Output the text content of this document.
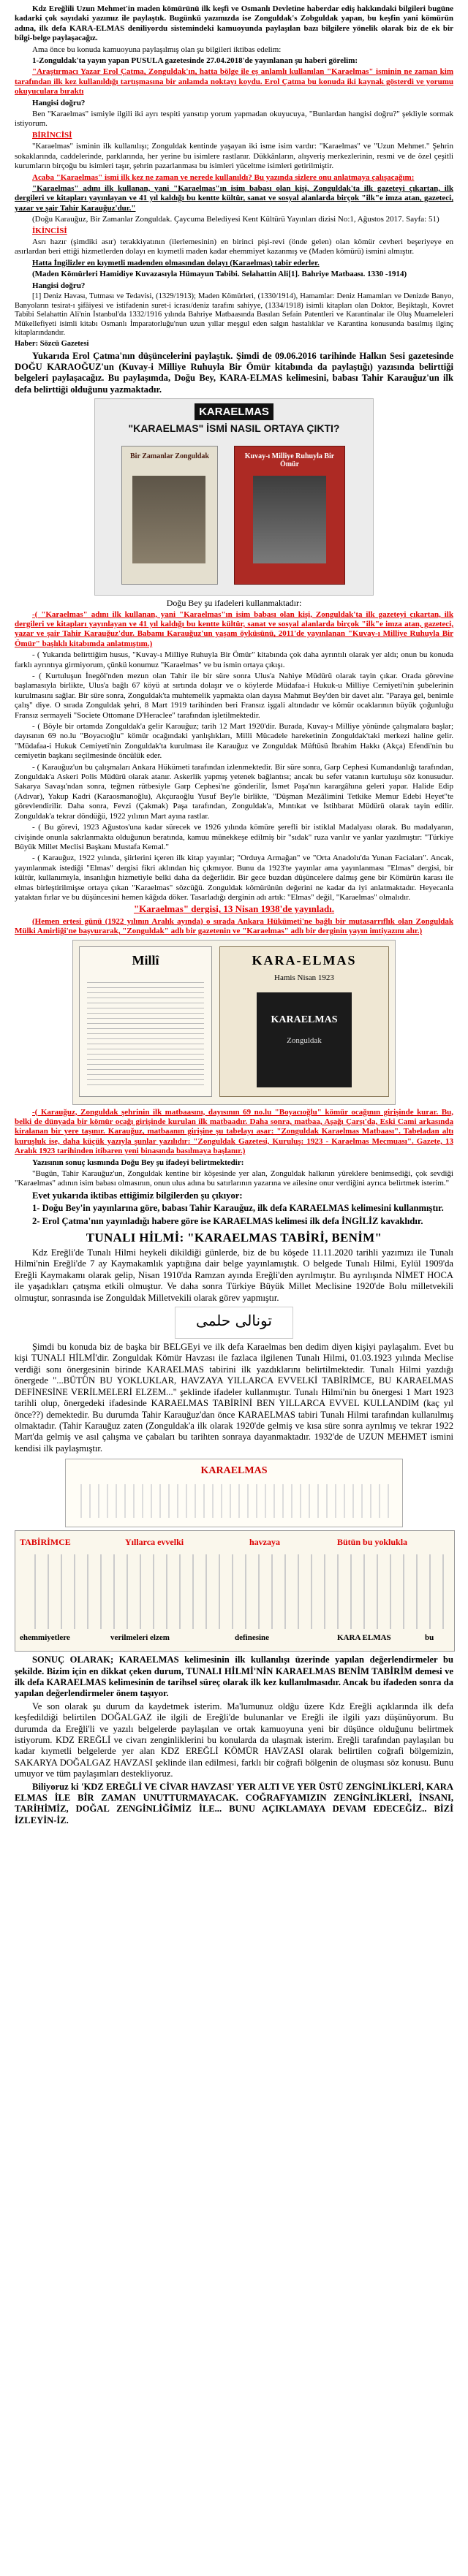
Kdz Ereğlili Uzun Mehmet'in maden kömürünü ilk keşfi ve Osmanlı Devletine haberdar ediş hakkındaki bilgileri bugüne kadarki çok sayıdaki yazımız ile paylaştık. Bugünkü yazımızda ise Zonguldak's Zobguldak yapan, bu keşfin yani kömürün adına, ilk defa KARA-ELMAS deniliyordu sistemindeki kamuoyunda paylaşılan bazı bilgilere yönelik olarak biz de ek bir bilgi-belge paylaşacağız.

Ama önce bu konuda kamuoyuna paylaşılmış olan şu bilgileri iktibas edelim:

1-Zonguldak'ta yayın yapan PUSULA gazetesinde 27.04.2018'de yayınlanan şu haberi görelim:

"Araştırmacı Yazar Erol Çatma, Zonguldak'ın, hatta bölge ile eş anlamlı kullanılan "Karaelmas" isminin ne zaman kim tarafından ilk kez kullanıldığı tartışmasına bir anlamda noktayı koydu. Erol Çatma bu konuda iki kaynak gösterdi ve yorumu okuyuculara bıraktı

Hangisi doğru?

Ben "Karaelmas" ismiyle ilgili iki ayrı tespiti yansıtıp yorum yapmadan okuyucuya, "Bunlardan hangisi doğru?" şekliyle sormak istiyorum.

BİRİNCİSİ

"Karaelmas" isminin ilk kullanılışı; Zonguldak kentinde yaşayan iki isme isim vardır: "Karaelmas" ve "Uzun Mehmet." Şehrin sokaklarında, caddelerinde, parklarında, her yerine bu isimlere rastlanır. Dükkânların, alışveriş merkezlerinin, resmi ve de özel çeşitli kurumların birçoğu bu isimleri taşır, şehrin pazarlanması bu isimleri yüceltme isimleri getirilmiştir.

Acaba "Karaelmas" ismi ilk kez ne zaman ve nerede kullanıldı? Bu yazında sizlere onu anlatmaya çalışacağım:

"Karaelmas" adını ilk kullanan, yani "Karaelmas"ın isim babası olan kişi, Zonguldak'ta ilk gazeteyi çıkartan, ilk dergileri ve kitapları yayınlayan ve 41 yıl kaldığı bu kentte kültür, sanat ve sosyal alanlarda birçok "ilk"e imza atan, gazeteci, yazar ve şair Tahir Karauğuz'dur."

(Doğu Karauğuz, Bir Zamanlar Zonguldak. Çaycuma Belediyesi Kent Kültürü Yayınları dizisi No:1, Ağustos 2017. Sayfa: 51)

İKİNCİSİ

Asrı hazır (şimdiki asır) terakkiyatının (ilerlemesinin) en birinci pişi-revi (önde gelen) olan kömür cevheri beşeriyeye en asırlardan beri ettiği hizmetlerden dolayı en kıymetli maden kadar ehemmiyet kazanmış ve (Maden kömürü) ismini almıştır.

Hatta İngilizler en kıymetli madenden olmasından dolayı (Karaelmas) tabir ederler.

(Maden Kömürleri Hamidiye Kuvazasıyla Hümayun Tabibi. Selahattin Ali[1]. Bahriye Matbaası. 1330 -1914)

Hangisi doğru?

[1] Deniz Havası, Tutması ve Tedavisi, (1329/1913); Maden Kömürleri, (1330/1914), Hamamlar: Deniz Hamamları ve Denizde Banyo, Banyoların tesirat-ı şifâiyesi ve istifadenin suret-i icrası/deniz tarafını sahiyye, (1334/1918) isimli kitapları olan Doktor, Beşiktaşlı, Kovret Tabibi Selahattin Ali'nin İstanbul'da 1332/1916 yılında Bahriye Matbaasında Basılan Sefain Patentleri ve Karantinalar ile Oluş Muameleleri Mükellefiyeti isimli kitabı Osmanlı İmparatorluğu'nun uzun yıllar meşgul eden salgın hastalıklar ve Karantina konusunda basılmış ilginç kitaplarındandır.

Haber: Sözcü Gazetesi

Yukarıda Erol Çatma'nın düşüncelerini paylaştık. Şimdi de 09.06.2016 tarihinde Halkın Sesi gazetesinde DOĞU KARAOĞUZ'un (Kuvay-i Milliye Ruhuyla Bir Ömür kitabında da paylaştığı) yazısında belirttiği belgeleri paylaşacağız. Bu paylaşımda, Doğu Bey, KARA-ELMAS kelimesini, babası Tahir Karauğuz'un ilk defa belirttiği olduğunu yazmaktadır.

KARAELMAS
"KARAELMAS" İSMİ NASIL ORTAYA ÇIKTI?
Bir Zamanlar Zonguldak	Kuvay-ı Milliye Ruhuyla Bir Ömür

Doğu Bey şu ifadeleri kullanmaktadır:

-( "Karaelmas" adını ilk kullanan, yani "Karaelmas"ın isim babası olan kişi, Zonguldak'ta ilk gazeteyi çıkartan, ilk dergileri ve kitapları yayınlayan ve 41 yıl kaldığı bu kentte kültür, sanat ve sosyal alanlarda birçok "ilk"e imza atan, gazeteci, yazar ve şair Tahir Karauğuz'dur. Babamı Karauğuz'un yaşam öyküsünü, 2011'de yayınlanan "Kuvay-ı Milliye Ruhuyla Bir Ömür" başlıklı kitabımda anlatmıştım.)

- ( Yukarıda belirttiğim husus, "Kuvay-ı Milliye Ruhuyla Bir Ömür" kitabında çok daha ayrıntılı olarak yer aldı; onun bu konuda farklı ayrıntıya girmiyorum, çünkü konumuz "Karaelmas" ve bu ismin ortaya çıkışı.

- ( Kurtuluşun İnegöl'nden mezun olan Tahir ile bir süre sonra Ulus'a Nahiye Müdürü olarak tayin çıkar. Orada görevine başlamasıyla birlikte, Ulus'a bağlı 67 köyü at sırtında dolaşır ve o köylerde Müdafaa-i Hukuk-u Milliye Cemiyeti'nin şubelerinin kurulmasını sağlar. Bir süre sonra, Zonguldak'ta muhtemelik yapmakta olan dayısı Mahmut Bey'den bir davet alır. "Paraya gel, benimle çalış" diye. O sırada Zonguldak şehri, 8 Mart 1919 tarihinden beri Fransız işgali altındadır ve kömür ocaklarının büyük çoğunluğu Fransız sermayeli "Societe Ottomane D'Heraclee" tarafından işletilmektedir.

- ( Böyle bir ortamda Zonguldak'a gelir Karauğuz; tarih 12 Mart 1920'dir. Burada, Kuvay-ı Milliye yönünde çalışmalara başlar; dayısının 69 no.lu "Boyacıoğlu" kömür ocağındaki yanlışlıkları, Milli Mücadele hareketinin Zonguldak'taki merkezi haline gelir. "Müdafaa-i Hukuk Cemiyeti'nin Zonguldak'ta kurulması ile Karauğuz ve Zonguldak Müftüsü İbrahim Hakkı (Akça) Efendi'nin bu cemiyetin başkanı seçilmesinde öncülük eder.

- ( Karauğuz'un bu çalışmaları Ankara Hükümeti tarafından izlenmektedir. Bir süre sonra, Garp Cephesi Kumandanlığı tarafından, Zonguldak'a Askeri Polis Müdürü olarak atanır. Askerlik yapmış yetenek bağlantısı; ancak bu sefer vatanın kurtuluşu söz konusudur. Sakarya Savaşı'ndan sonra, teğmen rütbesiyle Garp Cephesi'ne gönderilir, İsmet Paşa'nın karargâhına geleri yapar. Halide Edip (Adıvar), Yakup Kadri (Karaosmanoğlu), Akçuraoğlu Yusuf Bey'le birlikte, "Düşman Mezâlimini Tetkike Memur Edebi Heyet"te görevlendirilir. Daha sonra, Fevzi (Çakmak) Paşa tarafından, Zonguldak'a, Mıntıkat ve İstihbarat Müdürü olarak tayin edilir. Zonguldak'a tekrar döndüğü, 1922 yılının Mart ayına rastlar.

- ( Bu görevi, 1923 Ağustos'una kadar sürecek ve 1926 yılında kömüre şerefli bir istiklal Madalyası olarak. Bu madalyanın, civişinde onunla sakrlanmakta olduğunun beratında, kamuu münekkeşe edilmiş bir "sıdak" ruza varılır ve yanlar yazılmıştır: "Türkiye Büyük Millet Meclisi Başkanı Mustafa Kemal."

- ( Karauğuz, 1922 yılında, şiirlerini içeren ilk kitap yayınlar; "Orduya Armağan" ve "Orta Anadolu'da Yunan Faciaları". Ancak, yayınlanmak istediği "Elmas" dergisi fikri aklından hiç çıkmıyor. Bunu da 1923'te yayınlar ama yayınlanması "Elmas" dergisi, bir kültür, kullanımıyla, insanlığın hizmetiyle belki daha da değerlidir. Bir gece buzdan düşüncelere dalmış gene bir Kömürün karası ile elmas birleştirilmişse ortaya çıkan "Karaelmas" sözcüğü. Zonguldak kömürünün değerini ne kadar da iyi anlatmaktadır. Heyecanla yataktan fırlar ve bu düşüncesini hemen kâğıda döker. Tasarladığı derginin adı artık: "Elmas" değil, "Karaelmas" olmalıdır.

"Karaelmas" dergisi, 13 Nisan 1938'de yayınladı.

(Hemen ertesi günü (1922 yılının Aralık ayında) o sırada Ankara Hükümeti'ne bağlı bir mutasarrıflık olan Zonguldak Mülki Amirliği'ne başvurarak, "Zonguldak" adlı bir gazetenin ve "Karaelmas" adlı bir derginin yayın imtiyazını alır.)

Millî	KARA-ELMAS
Hamis Nisan 1923
KARAELMAS
Zonguldak

-( Karauğuz, Zonguldak şehrinin ilk matbaasını, dayısının 69 no.lu "Boyacıoğlu" kömür ocağının girişinde kurar. Bu, belki de dünyada bir kömür ocağı girişinde kurulan ilk matbaadır. Daha sonra, matbaa, Aşağı Çarşı'da, Eski Cami arkasında kiralanan bir yere taşınır. Karauğuz, matbaanın girişine şu tabelayı asar: "Zonguldak Karaelmas Matbaası". Tabeladan altı kuruşluk ise, daha küçük yazıyla şunlar yazılıdır: "Zonguldak Gazetesi, Kuruluş: 1923 - Karaelmas Mecmuası". Gazete, 13 Aralık 1923 tarihinden itibaren yeni binasında basılmaya başlanır.)

Yazısının sonuç kısmında Doğu Bey şu ifadeyi belirtmektedir:

"Bugün, Tahir Karauğuz'un, Zonguldak kentine bir köşesinde yer alan, Zonguldak halkının yüreklere benimsediği, çok sevdiği "Karaelmas" adının isim babası olmasının, onun ulus adına bu satırlarının yazarına ve ailesine onur verdiğini ayrıca belirtmek isterim."

Evet yukarıda iktibas ettiğimiz bilgilerden şu çıkıyor:

1- Doğu Bey'in yayınlarına göre, babası Tahir Karauğuz, ilk defa KARAELMAS kelimesini kullanmıştır.

2- Erol Çatma'nın yayınladığı habere göre ise KARAELMAS kelimesi ilk defa İNGİLİZ kavaklıdır.

TUNALI HİLMİ: "KARAELMAS TABİRİ, BENİM"

Kdz Ereğli'de Tunalı Hilmi heykeli dikildiği günlerde, biz de bu köşede 11.11.2020 tarihli yazımızı ile Tunalı Hilmi'nin Ereğli'de 7 ay Kaymakamlık yaptığına dair belge yayınlamıştık. O belgede Tunalı Hilmi, Eylül 1909'da Ereğli Kaymakamı olarak gelip, Nisan 1910'da Ramzan ayında Ereğli'den ayrılmıştır. Bu ayrılışında NİMET HOCA ile yaşadıkları çatışma etkili olmuştur. Ve daha sonra Türkiye Büyük Millet Meclisine 1920'de Bolu milletvekili olmuştur, sonrasında ise Zonguldak Milletvekili olarak görev yapmıştır.

تونالی حلمی

Şimdi bu konuda biz de başka bir BELGEyi ve ilk defa Karaelmas ben dedim diyen kişiyi paylaşalım. Evet bu kişi TUNALI HİLMİ'dir. Zonguldak Kömür Havzası ile fazlaca ilgilenen Tunalı Hilmi, 01.03.1923 yılında Meclise verdiği sonı önergesinin birinde KARAELMAS tabirini ilk yazdıklarını belirtilmektedir. Tunalı Hilmi yazdığı önergede "...BÜTÜN BU YOKLUKLAR, HAVZAYA YILLARCA EVVELKİ TABİRİMCE, BU KARAELMAS DEFİNESİNE VERİLMELERİ ELZEM..." şeklinde ifadeler kullanmıştır. Tunalı Hilmi'nin bu önergesi 1 Mart 1923 tarihli olup, önergedeki ifadesinde KARAELMAS TABİRİNİ BEN YILLARCA EVVEL KULLANDIM (kaç yıl önce??) demektedir. Bu durumda Tahir Karauğuz'dan önce KARAELMAS tabiri Tunalı Hilmi tarafından kullanılmış olmaktadır. (Tahir Karauğuz zaten (Zonguldak'a ilk olarak 1920'de gelmiş ve kısa süre sonra ayrılmış ve tekrar 1922 Mart'da gelmiş ve asıl çalışma ve çabaları bu tarihten sonraya dayanmaktadır. 1932'de de UZUN MEHMET ismini kendisi ilk paylaşmıştır.

KARAELMAS
TABİRİMCE	Yıllarca evvelki	havzaya	Bütün bu yoklukla
ehemmiyetlere	verilmeleri elzem	definesine	KARA ELMAS	bu

SONUÇ OLARAK; KARAELMAS kelimesinin ilk kullanılışı üzerinde yapılan değerlendirmeler bu şekilde. Bizim için en dikkat çeken durum, TUNALI HİLMİ'NİN KARAELMAS BENİM TABİRİM demesi ve ilk defa KARAELMAS kelimesinin de tarihsel süreç olarak ilk kez kullanılmasıdır. Ancak bu ifadeden sonra da yapılan değerlendirmeler önem taşıyor.

Ve son olarak şu durum da kaydetmek isterim. Ma'lumunuz oldğu üzere Kdz Ereğli açıklarında ilk defa keşfedildiği belirtilen DOĞALGAZ ile ilgili de Ereğli'de bulunanlar ve Ereğli ile ilgili yazı düşünüyorum. Bu durumda da Ereğli'li ve yazılı belgelerde paylaşılan ve ortak kamuoyuna yeni bir düşünce olduğunu belirtmek istiyorum. KDZ EREĞLİ ve civarı zenginliklerini bu konularda da ulaşmak isterim. Ereğli tarafından paylaşılan bu kadar kıymetli belgelerde yer alan KDZ EREĞLİ KÖMÜR HAVZASI olarak belirtilen coğrafi bölgemizin, SAKARYA DOĞALGAZ HAVZASI şeklinde ilan edilmesi, farklı bir coğrafi bölgenin de oluşması söz konusu. Bunu umuyor ve tüm paylaşımları destekliyoruz.

Biliyoruz ki 'KDZ EREĞLİ VE CİVAR HAVZASI' YER ALTI VE YER ÜSTÜ ZENGİNLİKLERİ, KARA ELMAS İLE BİR ZAMAN UNUTTURMAYACAK. COĞRAFYAMIZIN ZENGİNLİKLERİ, İNSANI, TARİHİMİZ, DOĞAL ZENGİNLİĞİMİZ İLE... BUNU AÇIKLAMAYA DEVAM EDECEĞİZ.. BİZİ İZLEYİN-İZ.
